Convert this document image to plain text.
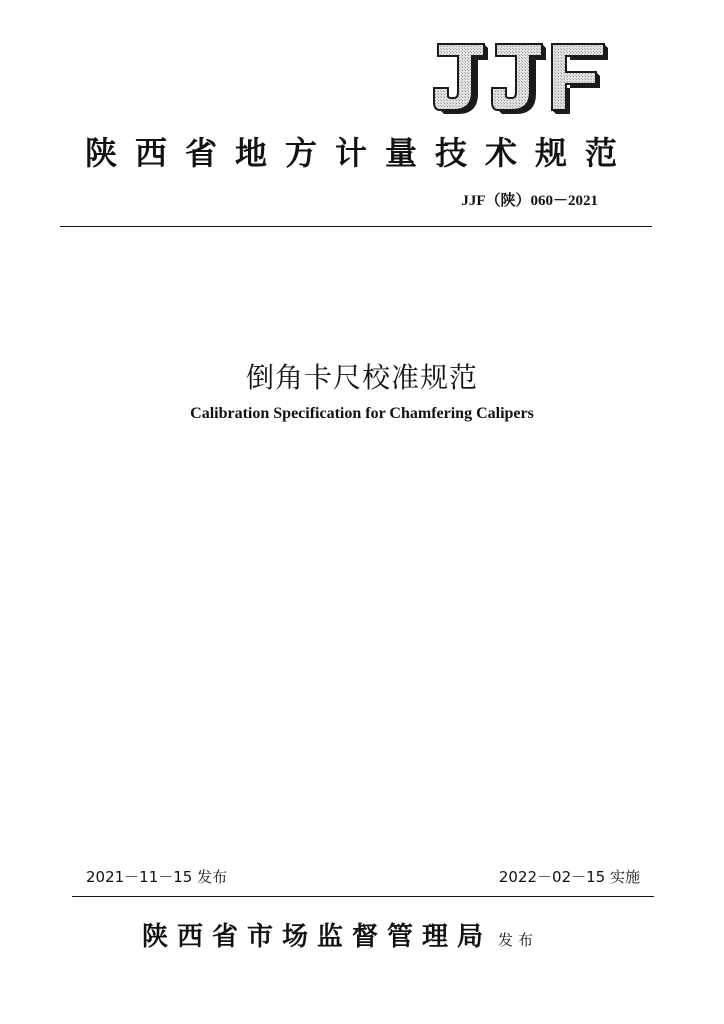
陕西省地方计量技术规范
JJF（陕）060－2021
倒角卡尺校准规范
Calibration Specification for Chamfering Calipers
2021－11－15 发布	2022－02－15 实施
陕西省市场监督管理局 发布
